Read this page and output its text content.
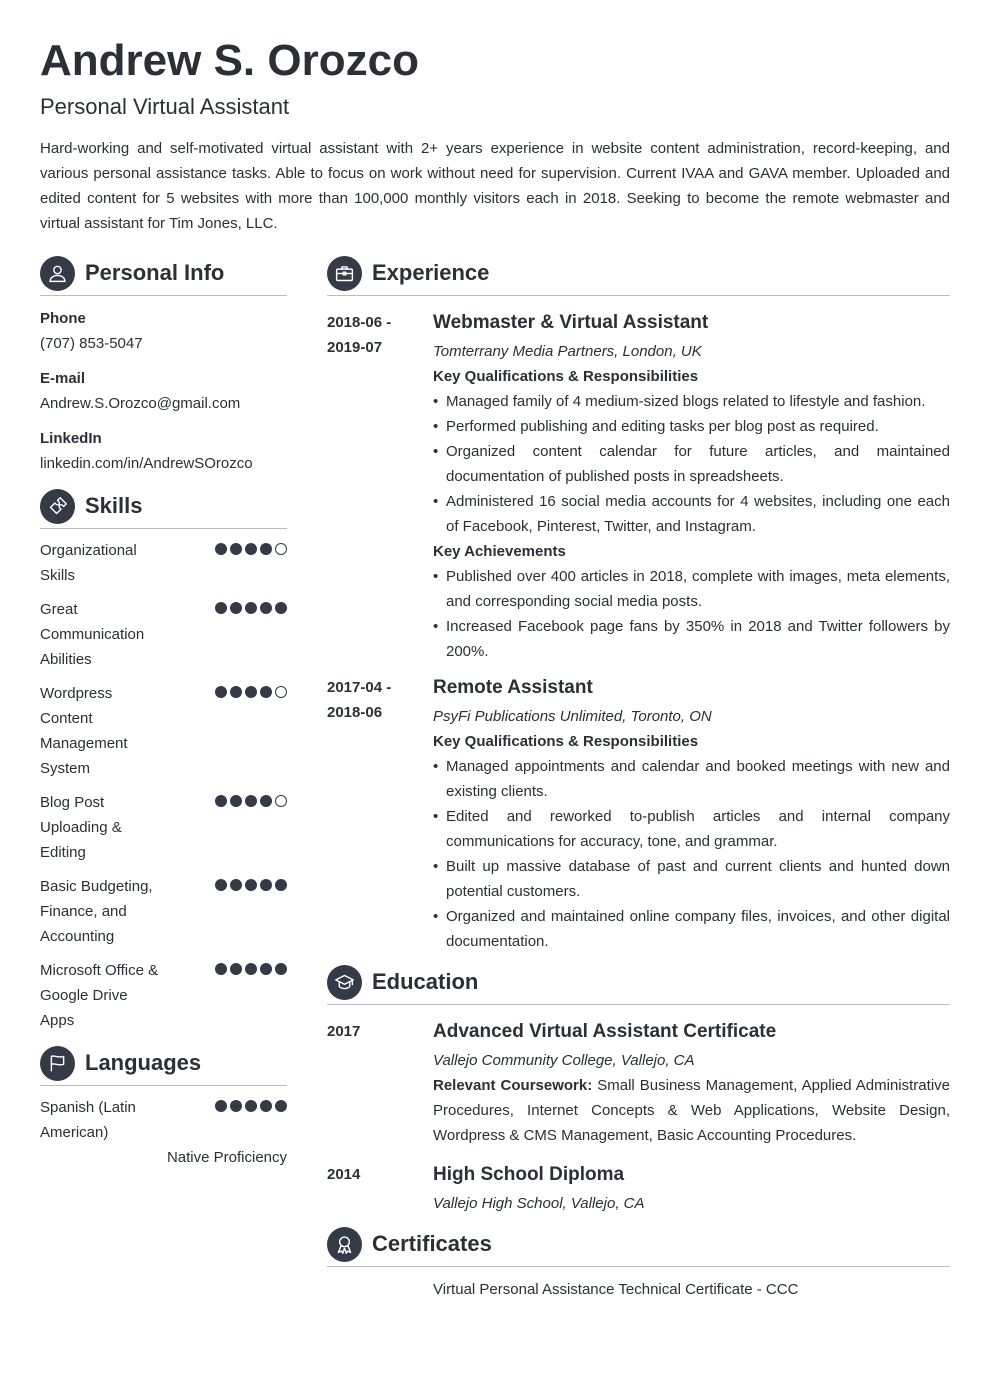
Andrew S. Orozco
Personal Virtual Assistant
Hard-working and self-motivated virtual assistant with 2+ years experience in website content administration, record-keeping, and various personal assistance tasks. Able to focus on work without need for supervision. Current IVAA and GAVA member. Uploaded and edited content for 5 websites with more than 100,000 monthly visitors each in 2018. Seeking to become the remote webmaster and virtual assistant for Tim Jones, LLC.
Personal Info
Phone
(707) 853-5047
E-mail
Andrew.S.Orozco@gmail.com
LinkedIn
linkedin.com/in/AndrewSOrozco
Skills
Organizational Skills
Great Communication Abilities
Wordpress Content Management System
Blog Post Uploading & Editing
Basic Budgeting, Finance, and Accounting
Microsoft Office & Google Drive Apps
Languages
Spanish (Latin American)
Native Proficiency
Experience
2018-06 - 2019-07
Webmaster & Virtual Assistant
Tomterrany Media Partners, London, UK
Key Qualifications & Responsibilities
• Managed family of 4 medium-sized blogs related to lifestyle and fashion.
• Performed publishing and editing tasks per blog post as required.
• Organized content calendar for future articles, and maintained documentation of published posts in spreadsheets.
• Administered 16 social media accounts for 4 websites, including one each of Facebook, Pinterest, Twitter, and Instagram.
Key Achievements
• Published over 400 articles in 2018, complete with images, meta elements, and corresponding social media posts.
• Increased Facebook page fans by 350% in 2018 and Twitter followers by 200%.
2017-04 - 2018-06
Remote Assistant
PsyFi Publications Unlimited, Toronto, ON
Key Qualifications & Responsibilities
• Managed appointments and calendar and booked meetings with new and existing clients.
• Edited and reworked to-publish articles and internal company communications for accuracy, tone, and grammar.
• Built up massive database of past and current clients and hunted down potential customers.
• Organized and maintained online company files, invoices, and other digital documentation.
Education
2017	Advanced Virtual Assistant Certificate
Vallejo Community College, Vallejo, CA
Relevant Coursework: Small Business Management, Applied Administrative Procedures, Internet Concepts & Web Applications, Website Design, Wordpress & CMS Management, Basic Accounting Procedures.
2014	High School Diploma
Vallejo High School, Vallejo, CA
Certificates
Virtual Personal Assistance Technical Certificate - CCC
